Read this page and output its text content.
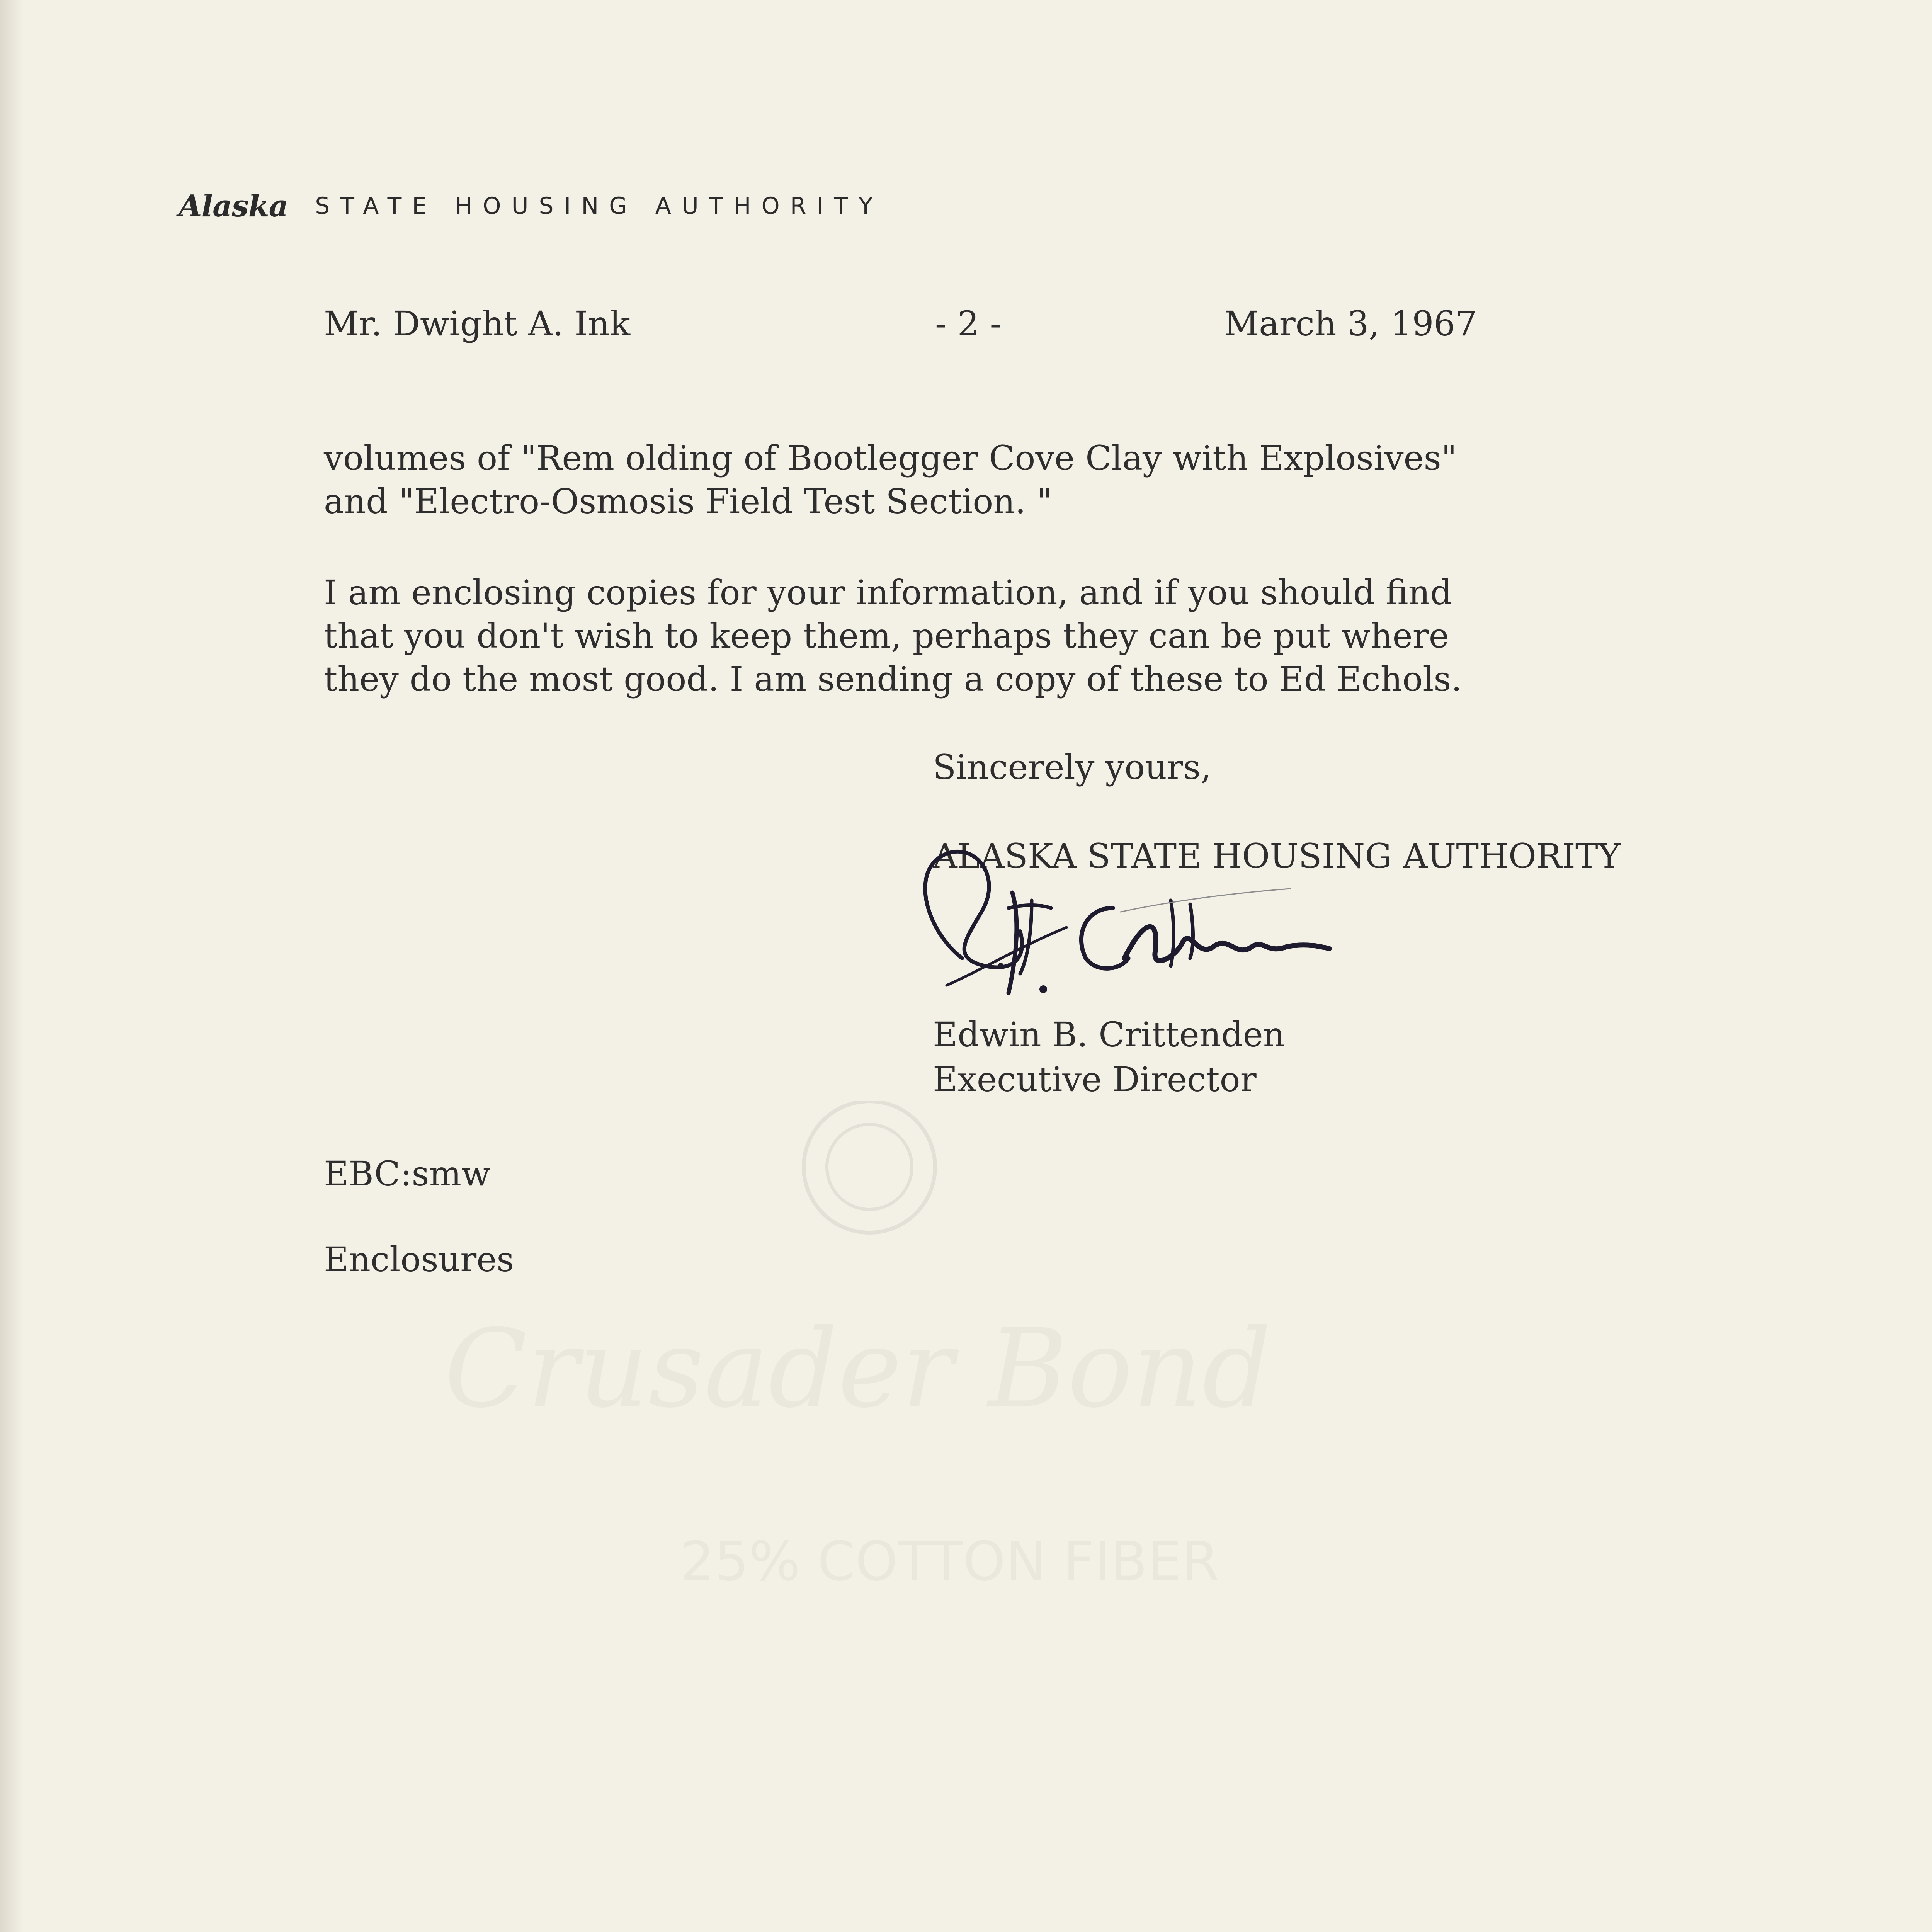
Alaska STATE HOUSING AUTHORITY
Mr. Dwight A. Ink	- 2 -	March 3, 1967
volumes of "Rem olding of Bootlegger Cove Clay with Explosives"
and "Electro-Osmosis Field Test Section. "
I am enclosing copies for your information, and if you should find
that you don't wish to keep them, perhaps they can be put where
they do the most good. I am sending a copy of these to Ed Echols.
Sincerely yours,
ALASKA STATE HOUSING AUTHORITY
Edwin B. Crittenden
Executive Director
EBC:smw
Enclosures
